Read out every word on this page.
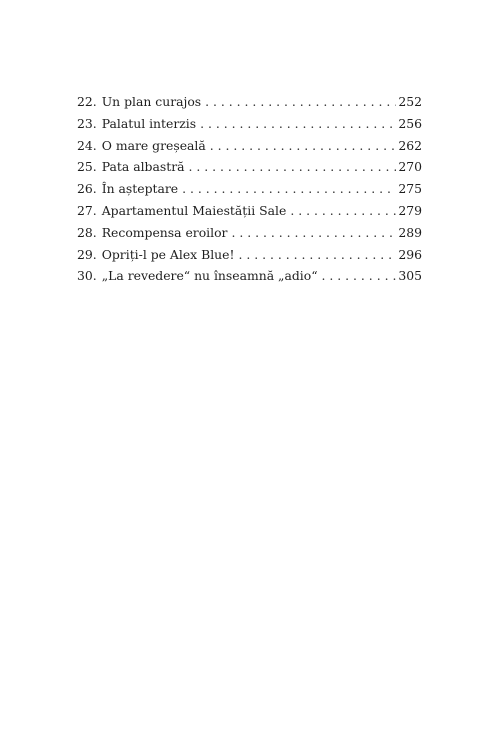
22. Un plan curajos . . .	252
23. Palatul interzis . . .	256
24. O mare greșeală . . .	262
25. Pata albastră . . .	270
26. În așteptare . . .	275
27. Apartamentul Maiestății Sale . . .	279
28. Recompensa eroilor . . .	289
29. Opriți-l pe Alex Blue! . . .	296
30. „La revedere“ nu înseamnă „adio“ . . .	305
